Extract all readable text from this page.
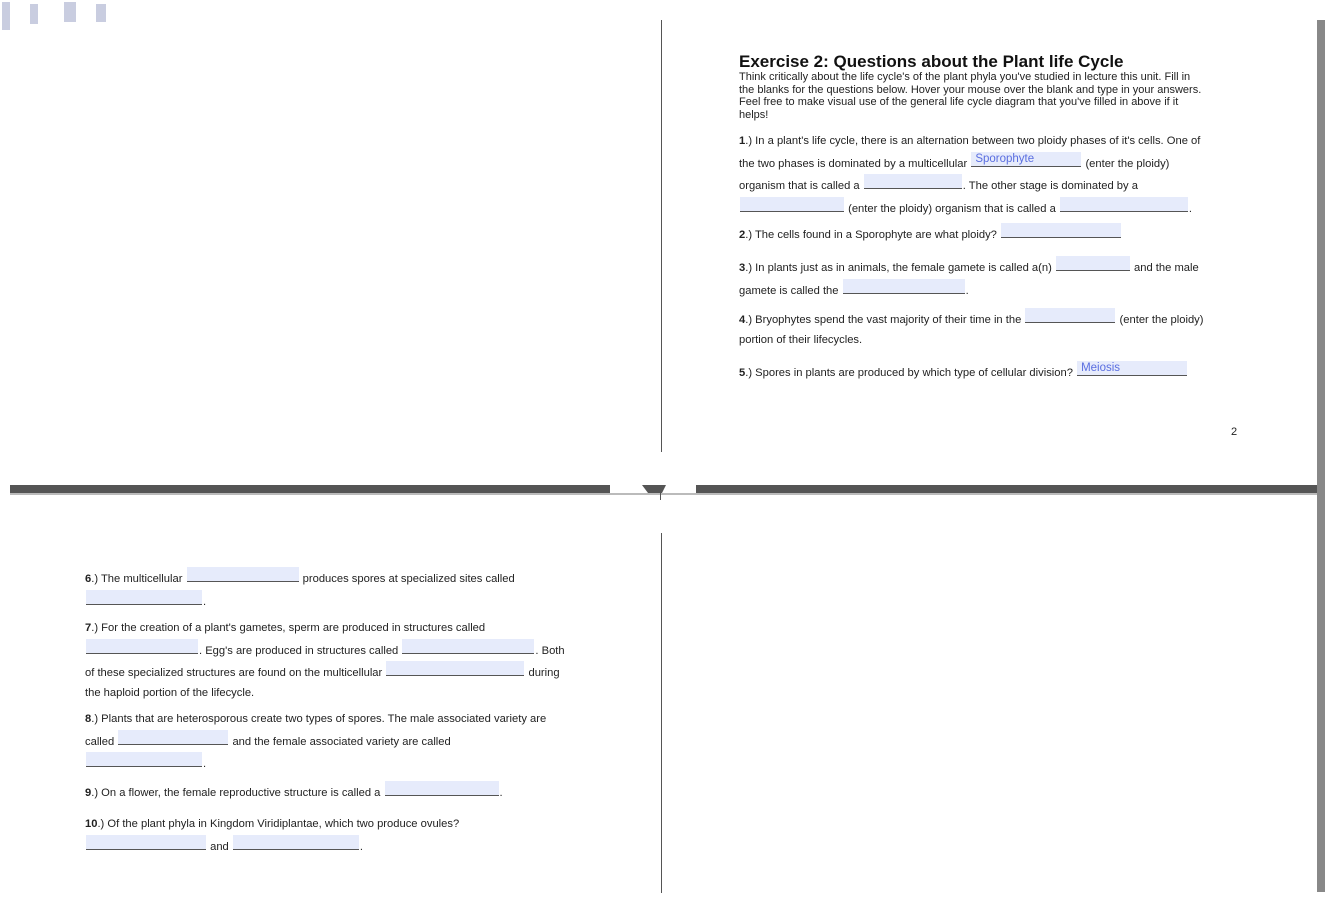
Exercise 2: Questions about the Plant life Cycle
Think critically about the life cycle's of the plant phyla you've studied in lecture this unit. Fill in
the blanks for the questions below. Hover your mouse over the blank and type in your answers.
Feel free to make visual use of the general life cycle diagram that you've filled in above if it
helps!
1.) In a plant's life cycle, there is an alternation between two ploidy phases of it's cells. One of
the two phases is dominated by a multicellular Sporophyte	(enter the ploidy)
organism that is called a	. The other stage is dominated by a
(enter the ploidy) organism that is called a	.
2.) The cells found in a Sporophyte are what ploidy?
3.) In plants just as in animals, the female gamete is called a(n)	and the male
gamete is called the	.
4.) Bryophytes spend the vast majority of their time in the	(enter the ploidy)
portion of their lifecycles.
5.) Spores in plants are produced by which type of cellular division? Meiosis
2
6.) The multicellular	produces spores at specialized sites called
.
7.) For the creation of a plant's gametes, sperm are produced in structures called
. Egg's are produced in structures called	. Both
of these specialized structures are found on the multicellular	during
the haploid portion of the lifecycle.
8.) Plants that are heterosporous create two types of spores. The male associated variety are
called	and the female associated variety are called
.
9.) On a flower, the female reproductive structure is called a	.
10.) Of the plant phyla in Kingdom Viridiplantae, which two produce ovules?
and	.
